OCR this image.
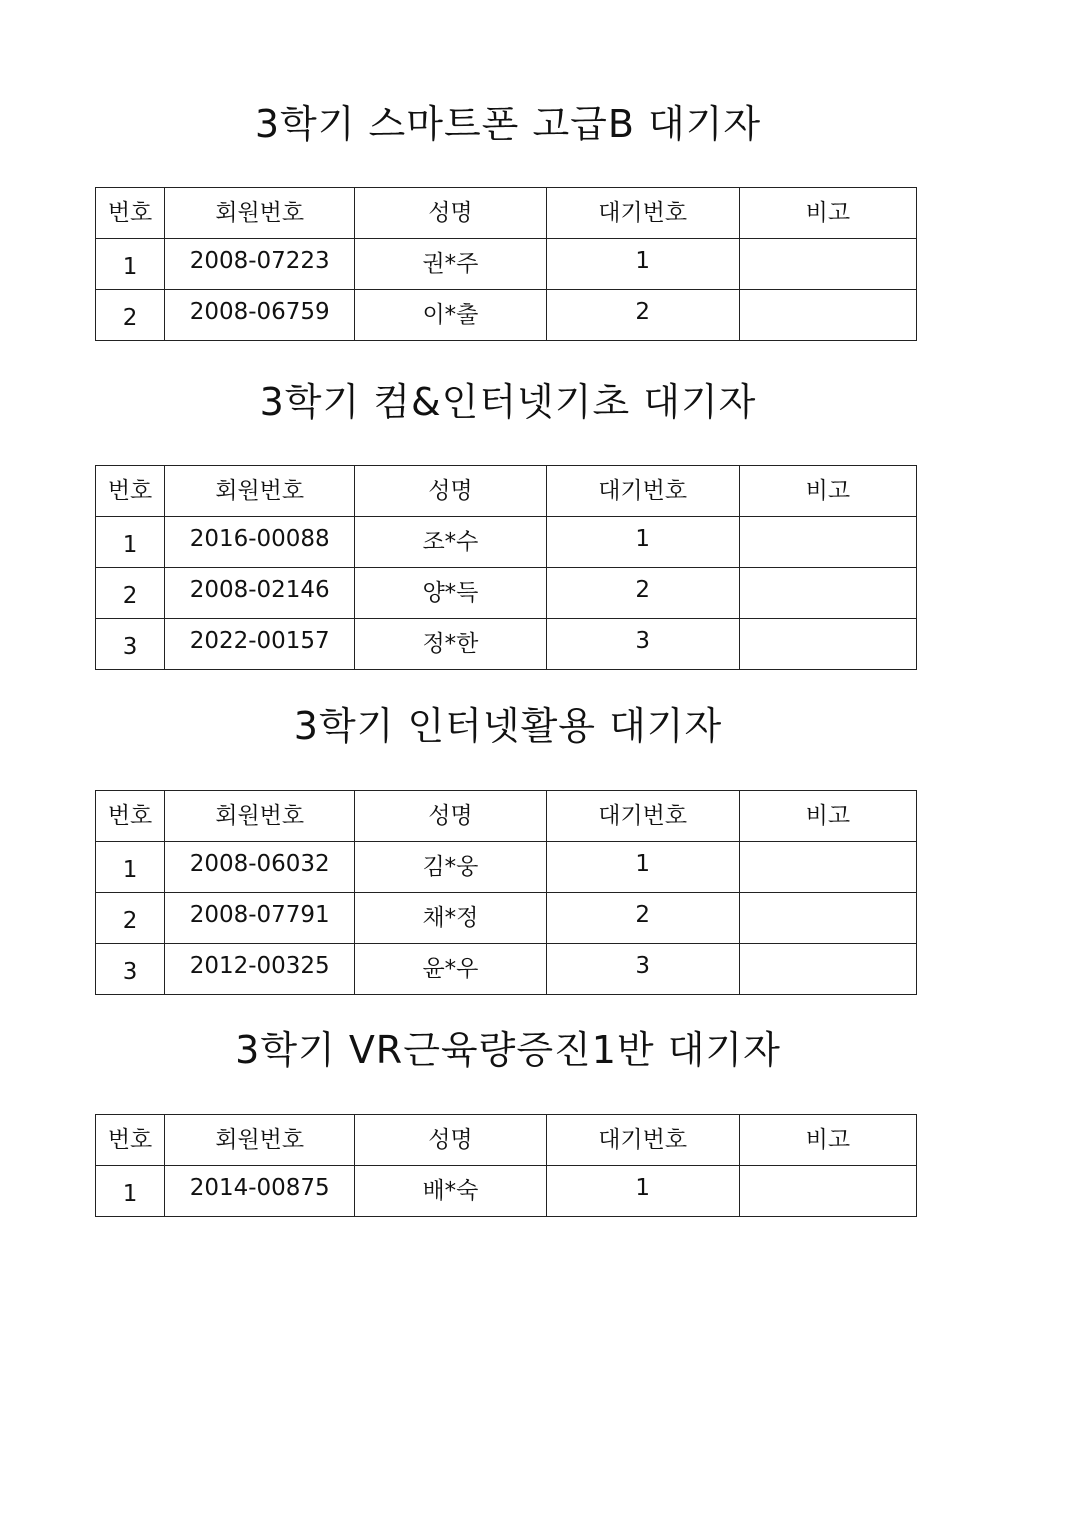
3학기 스마트폰 고급B 대기자
번호	회원번호	성명	대기번호	비고
1	2008-07223	권*주	1	
2	2008-06759	이*출	2	
3학기 컴&인터넷기초 대기자
번호	회원번호	성명	대기번호	비고
1	2016-00088	조*수	1	
2	2008-02146	양*득	2	
3	2022-00157	정*한	3	
3학기 인터넷활용 대기자
번호	회원번호	성명	대기번호	비고
1	2008-06032	김*웅	1	
2	2008-07791	채*정	2	
3	2012-00325	윤*우	3	
3학기 VR근육량증진1반 대기자
번호	회원번호	성명	대기번호	비고
1	2014-00875	배*숙	1	
